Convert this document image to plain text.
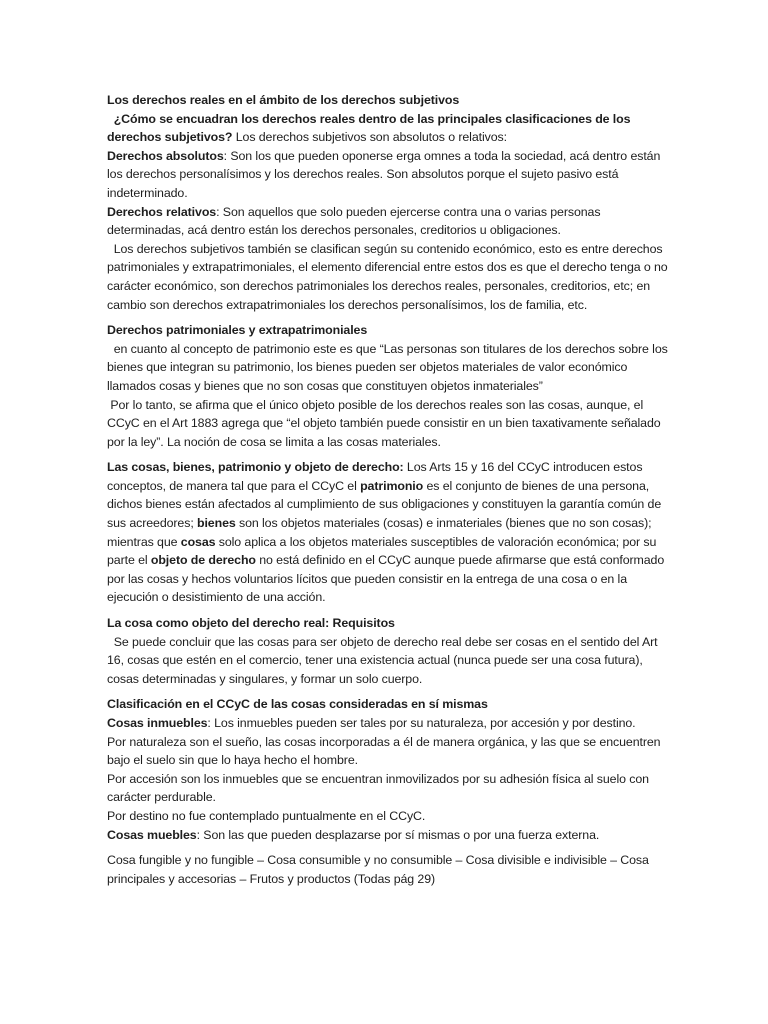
Los derechos reales en el ámbito de los derechos subjetivos

¿Cómo se encuadran los derechos reales dentro de las principales clasificaciones de los derechos subjetivos? Los derechos subjetivos son absolutos o relativos:

Derechos absolutos: Son los que pueden oponerse erga omnes a toda la sociedad, acá dentro están los derechos personalísimos y los derechos reales. Son absolutos porque el sujeto pasivo está indeterminado.

Derechos relativos: Son aquellos que solo pueden ejercerse contra una o varias personas determinadas, acá dentro están los derechos personales, creditorios u obligaciones.

Los derechos subjetivos también se clasifican según su contenido económico, esto es entre derechos patrimoniales y extrapatrimoniales, el elemento diferencial entre estos dos es que el derecho tenga o no carácter económico, son derechos patrimoniales los derechos reales, personales, creditorios, etc; en cambio son derechos extrapatrimoniales los derechos personalísimos, los de familia, etc.

Derechos patrimoniales y extrapatrimoniales

en cuanto al concepto de patrimonio este es que “Las personas son titulares de los derechos sobre los bienes que integran su patrimonio, los bienes pueden ser objetos materiales de valor económico llamados cosas y bienes que no son cosas que constituyen objetos inmateriales”

Por lo tanto, se afirma que el único objeto posible de los derechos reales son las cosas, aunque, el CCyC en el Art 1883 agrega que “el objeto también puede consistir en un bien taxativamente señalado por la ley”. La noción de cosa se limita a las cosas materiales.

Las cosas, bienes, patrimonio y objeto de derecho: Los Arts 15 y 16 del CCyC introducen estos conceptos, de manera tal que para el CCyC el patrimonio es el conjunto de bienes de una persona, dichos bienes están afectados al cumplimiento de sus obligaciones y constituyen la garantía común de sus acreedores; bienes son los objetos materiales (cosas) e inmateriales (bienes que no son cosas); mientras que cosas solo aplica a los objetos materiales susceptibles de valoración económica; por su parte el objeto de derecho no está definido en el CCyC aunque puede afirmarse que está conformado por las cosas y hechos voluntarios lícitos que pueden consistir en la entrega de una cosa o en la ejecución o desistimiento de una acción.

La cosa como objeto del derecho real: Requisitos

Se puede concluir que las cosas para ser objeto de derecho real debe ser cosas en el sentido del Art 16, cosas que estén en el comercio, tener una existencia actual (nunca puede ser una cosa futura), cosas determinadas y singulares, y formar un solo cuerpo.

Clasificación en el CCyC de las cosas consideradas en sí mismas

Cosas inmuebles: Los inmuebles pueden ser tales por su naturaleza, por accesión y por destino.

Por naturaleza son el sueño, las cosas incorporadas a él de manera orgánica, y las que se encuentren bajo el suelo sin que lo haya hecho el hombre.

Por accesión son los inmuebles que se encuentran inmovilizados por su adhesión física al suelo con carácter perdurable.

Por destino no fue contemplado puntualmente en el CCyC.

Cosas muebles: Son las que pueden desplazarse por sí mismas o por una fuerza externa.

Cosa fungible y no fungible – Cosa consumible y no consumible – Cosa divisible e indivisible – Cosa principales y accesorias – Frutos y productos (Todas pág 29)
